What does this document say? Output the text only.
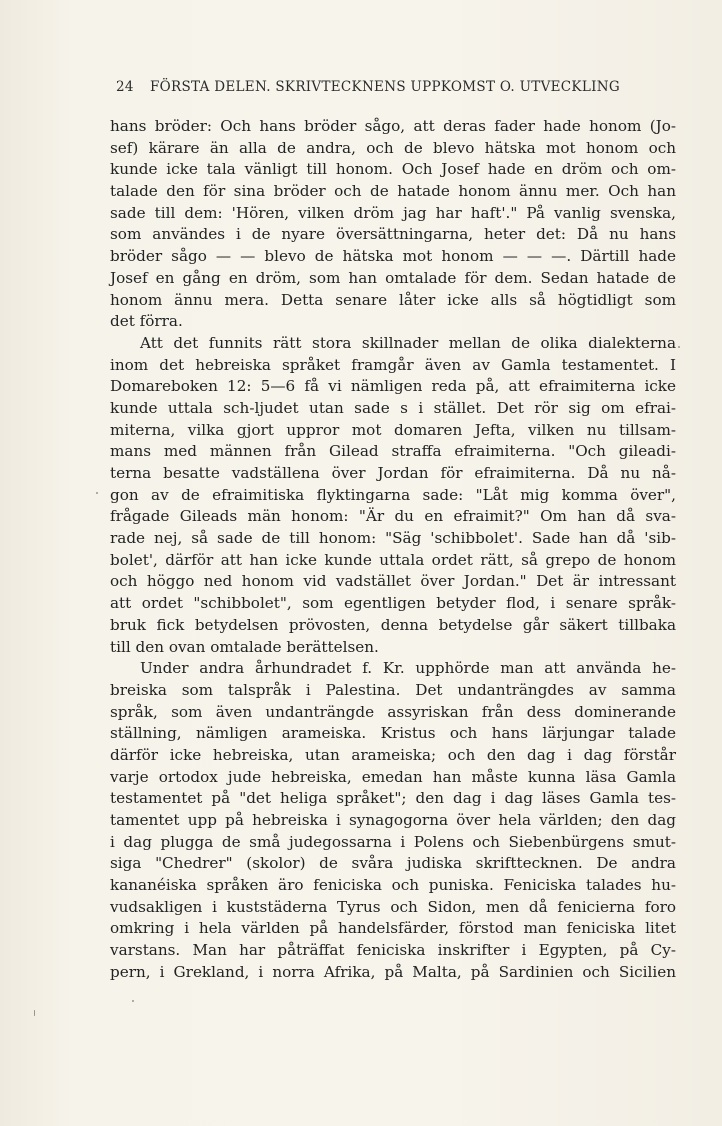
24 FÖRSTA DELEN. SKRIVTECKNENS UPPKOMST O. UTVECKLING
hans bröder: Och hans bröder sågo, att deras fader hade honom (Jo-
sef) kärare än alla de andra, och de blevo hätska mot honom och
kunde icke tala vänligt till honom. Och Josef hade en dröm och om-
talade den för sina bröder och de hatade honom ännu mer. Och han
sade till dem: 'Hören, vilken dröm jag har haft'." På vanlig svenska,
som användes i de nyare översättningarna, heter det: Då nu hans
bröder sågo — — blevo de hätska mot honom — — —. Därtill hade
Josef en gång en dröm, som han omtalade för dem. Sedan hatade de
honom ännu mera. Detta senare låter icke alls så högtidligt som
det förra.
Att det funnits rätt stora skillnader mellan de olika dialekterna
inom det hebreiska språket framgår även av Gamla testamentet. I
Domareboken 12: 5—6 få vi nämligen reda på, att efraimiterna icke
kunde uttala sch-ljudet utan sade s i stället. Det rör sig om efrai-
miterna, vilka gjort uppror mot domaren Jefta, vilken nu tillsam-
mans med männen från Gilead straffa efraimiterna. "Och gileadi-
terna besatte vadställena över Jordan för efraimiterna. Då nu nå-
gon av de efraimitiska flyktingarna sade: "Låt mig komma över",
frågade Gileads män honom: "Är du en efraimit?" Om han då sva-
rade nej, så sade de till honom: "Säg 'schibbolet'. Sade han då 'sib-
bolet', därför att han icke kunde uttala ordet rätt, så grepo de honom
och höggo ned honom vid vadstället över Jordan." Det är intressant
att ordet "schibbolet", som egentligen betyder flod, i senare språk-
bruk fick betydelsen prövosten, denna betydelse går säkert tillbaka
till den ovan omtalade berättelsen.
Under andra århundradet f. Kr. upphörde man att använda he-
breiska som talspråk i Palestina. Det undanträngdes av samma
språk, som även undanträngde assyriskan från dess dominerande
ställning, nämligen arameiska. Kristus och hans lärjungar talade
därför icke hebreiska, utan arameiska; och den dag i dag förstår
varje ortodox jude hebreiska, emedan han måste kunna läsa Gamla
testamentet på "det heliga språket"; den dag i dag läses Gamla tes-
tamentet upp på hebreiska i synagogorna över hela världen; den dag
i dag plugga de små judegossarna i Polens och Siebenbürgens smut-
siga "Chedrer" (skolor) de svåra judiska skrifttecknen. De andra
kananéiska språken äro feniciska och puniska. Feniciska talades hu-
vudsakligen i kuststäderna Tyrus och Sidon, men då fenicierna foro
omkring i hela världen på handelsfärder, förstod man feniciska litet
varstans. Man har påträffat feniciska inskrifter i Egypten, på Cy-
pern, i Grekland, i norra Afrika, på Malta, på Sardinien och Sicilien
